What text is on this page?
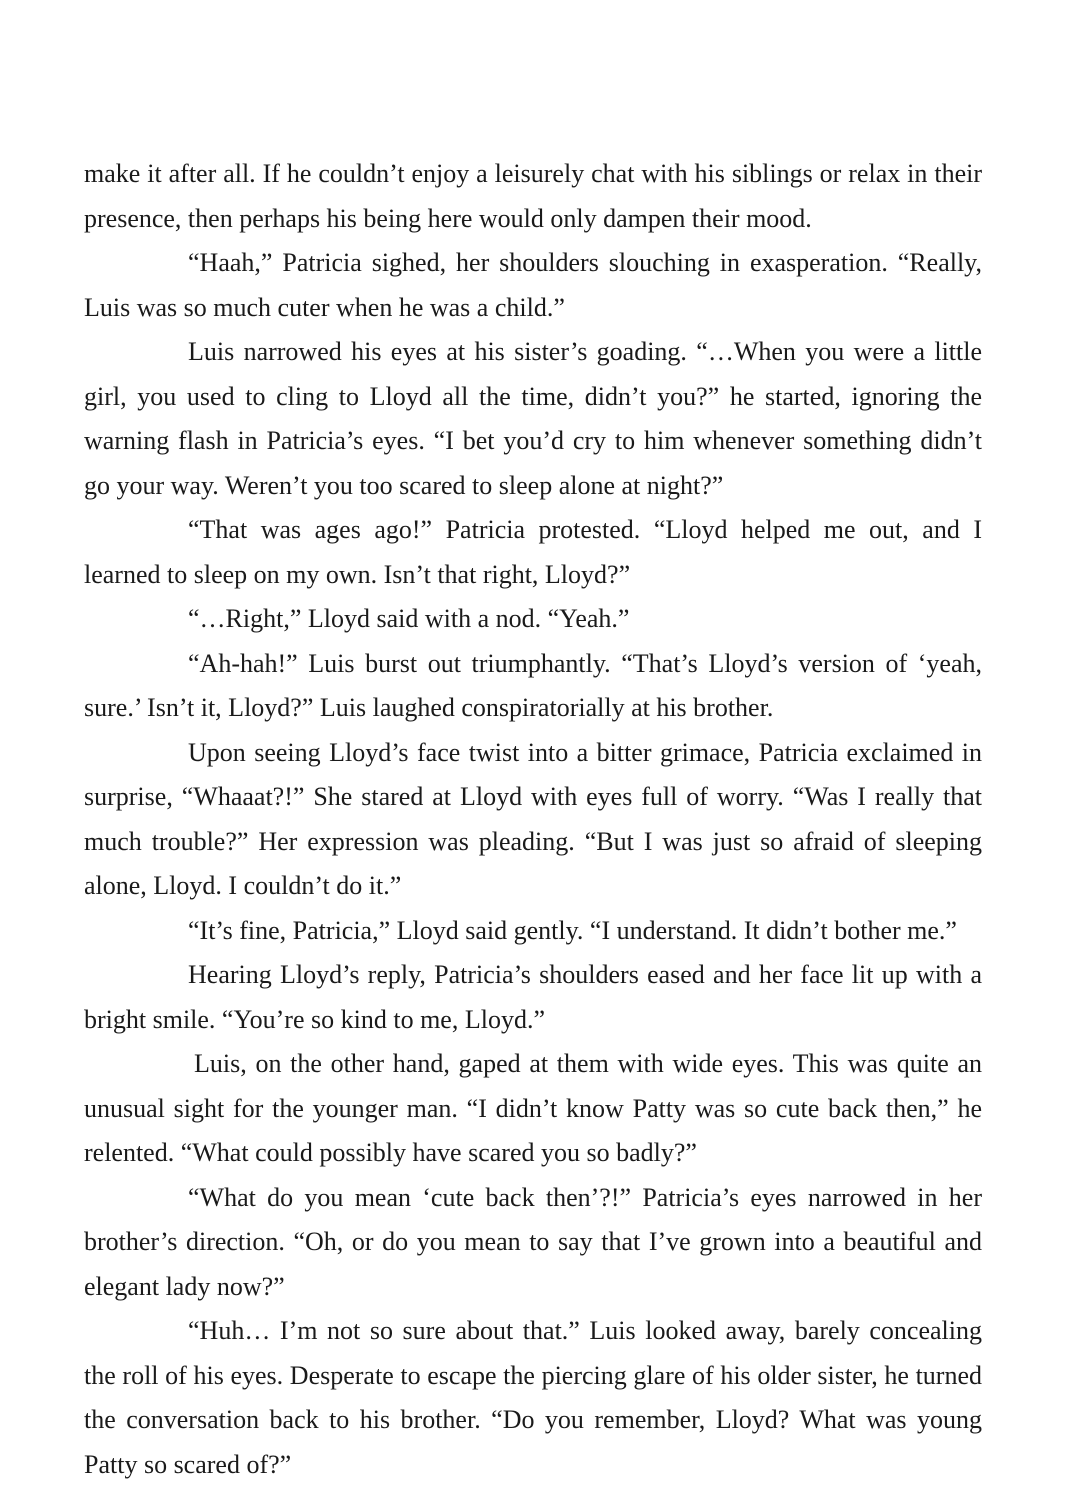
make it after all. If he couldn’t enjoy a leisurely chat with his siblings or relax in their presence, then perhaps his being here would only dampen their mood.

“Haah,” Patricia sighed, her shoulders slouching in exasperation. “Really, Luis was so much cuter when he was a child.”

Luis narrowed his eyes at his sister’s goading. “…When you were a little girl, you used to cling to Lloyd all the time, didn’t you?” he started, ignoring the warning flash in Patricia’s eyes. “I bet you’d cry to him whenever something didn’t go your way. Weren’t you too scared to sleep alone at night?”

“That was ages ago!” Patricia protested. “Lloyd helped me out, and I learned to sleep on my own. Isn’t that right, Lloyd?”

“…Right,” Lloyd said with a nod. “Yeah.”

“Ah-hah!” Luis burst out triumphantly. “That’s Lloyd’s version of ‘yeah, sure.’ Isn’t it, Lloyd?” Luis laughed conspiratorially at his brother.

Upon seeing Lloyd’s face twist into a bitter grimace, Patricia exclaimed in surprise, “Whaaat?!” She stared at Lloyd with eyes full of worry. “Was I really that much trouble?” Her expression was pleading. “But I was just so afraid of sleeping alone, Lloyd. I couldn’t do it.”

“It’s fine, Patricia,” Lloyd said gently. “I understand. It didn’t bother me.”

Hearing Lloyd’s reply, Patricia’s shoulders eased and her face lit up with a bright smile. “You’re so kind to me, Lloyd.”

Luis, on the other hand, gaped at them with wide eyes. This was quite an unusual sight for the younger man. “I didn’t know Patty was so cute back then,” he relented. “What could possibly have scared you so badly?”

“What do you mean ‘cute back then’?!” Patricia’s eyes narrowed in her brother’s direction. “Oh, or do you mean to say that I’ve grown into a beautiful and elegant lady now?”

“Huh… I’m not so sure about that.” Luis looked away, barely concealing the roll of his eyes. Desperate to escape the piercing glare of his older sister, he turned the conversation back to his brother. “Do you remember, Lloyd? What was young Patty so scared of?”
